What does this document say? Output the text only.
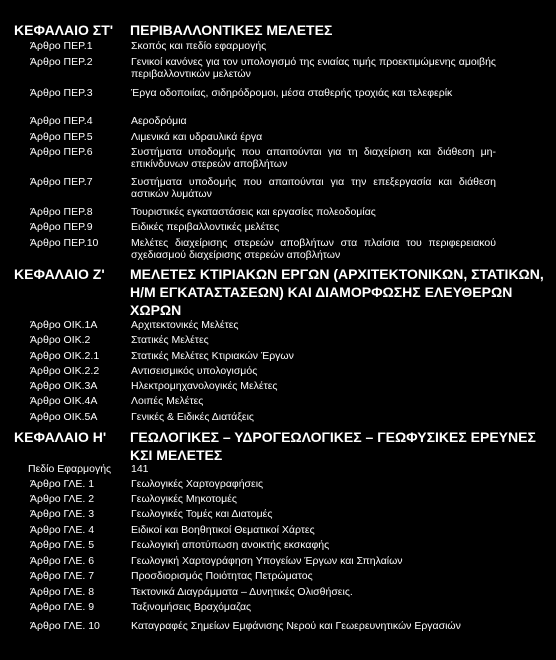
ΚΕΦΑΛΑΙΟ ΣΤ' ΠΕΡΙΒΑΛΛΟΝΤΙΚΕΣ ΜΕΛΕΤΕΣ
Άρθρο ΠΕΡ.1	Σκοπός και πεδίο εφαρμογής
Άρθρο ΠΕΡ.2	Γενικοί κανόνες για τον υπολογισμό της ενιαίας τιμής προεκτιμώμενης αμοιβής περιβαλλοντικών μελετών
Άρθρο ΠΕΡ.3	Έργα οδοποιίας, σιδηρόδρομοι, μέσα σταθερής τροχιάς και τελεφερίκ
Άρθρο ΠΕΡ.4	Αεροδρόμια
Άρθρο ΠΕΡ.5	Λιμενικά και υδραυλικά έργα
Άρθρο ΠΕΡ.6	Συστήματα υποδομής που απαιτούνται για τη διαχείριση και διάθεση μη-επικίνδυνων στερεών αποβλήτων
Άρθρο ΠΕΡ.7	Συστήματα υποδομής που απαιτούνται για την επεξεργασία και διάθεση αστικών λυμάτων
Άρθρο ΠΕΡ.8	Τουριστικές εγκαταστάσεις και εργασίες πολεοδομίας
Άρθρο ΠΕΡ.9	Ειδικές περιβαλλοντικές μελέτες
Άρθρο ΠΕΡ.10	Μελέτες διαχείρισης στερεών αποβλήτων στα πλαίσια του περιφερειακού σχεδιασμού διαχείρισης στερεών αποβλήτων
ΚΕΦΑΛΑΙΟ Ζ' ΜΕΛΕΤΕΣ ΚΤΙΡΙΑΚΩΝ ΕΡΓΩΝ (ΑΡΧΙΤΕΚΤΟΝΙΚΩΝ, ΣΤΑΤΙΚΩΝ, Η/Μ ΕΓΚΑΤΑΣΤΑΣΕΩΝ) ΚΑΙ ΔΙΑΜΟΡΦΩΣΗΣ ΕΛΕΥΘΕΡΩΝ ΧΩΡΩΝ
Άρθρο ΟΙΚ.1Α	Αρχιτεκτονικές Μελέτες
Άρθρο ΟΙΚ.2	Στατικές Μελέτες
Άρθρο ΟΙΚ.2.1	Στατικές Μελέτες Κτιριακών Έργων
Άρθρο ΟΙΚ.2.2	Αντισεισμικός υπολογισμός
Άρθρο ΟΙΚ.3Α	Ηλεκτρομηχανολογικές Μελέτες
Άρθρο ΟΙΚ.4Α	Λοιπές Μελέτες
Άρθρο ΟΙΚ.5Α	Γενικές & Ειδικές Διατάξεις
ΚΕΦΑΛΑΙΟ Η' ΓΕΩΛΟΓΙΚΕΣ – ΥΔΡΟΓΕΩΛΟΓΙΚΕΣ – ΓΕΩΦΥΣΙΚΕΣ ΕΡΕΥΝΕΣ ΚΣΙ ΜΕΛΕΤΕΣ
Πεδίο Εφαρμογής 141
Άρθρο ΓΛΕ. 1	Γεωλογικές Χαρτογραφήσεις
Άρθρο ΓΛΕ. 2	Γεωλογικές Μηκοτομές
Άρθρο ΓΛΕ. 3	Γεωλογικές Τομές και Διατομές
Άρθρο ΓΛΕ. 4	Ειδικοί και Βοηθητικοί Θεματικοί Χάρτες
Άρθρο ΓΛΕ. 5	Γεωλογική αποτύπωση ανοικτής εκσκαφής
Άρθρο ΓΛΕ. 6	Γεωλογική Χαρτογράφηση Υπογείων Έργων και Σπηλαίων
Άρθρο ΓΛΕ. 7	Προσδιορισμός Ποιότητας Πετρώματος
Άρθρο ΓΛΕ. 8	Τεκτονικά Διαγράμματα – Δυνητικές Ολισθήσεις.
Άρθρο ΓΛΕ. 9	Ταξινομήσεις Βραχόμαζας
Άρθρο ΓΛΕ. 10	Καταγραφές Σημείων Εμφάνισης Νερού και Γεωερευνητικών Εργασιών
